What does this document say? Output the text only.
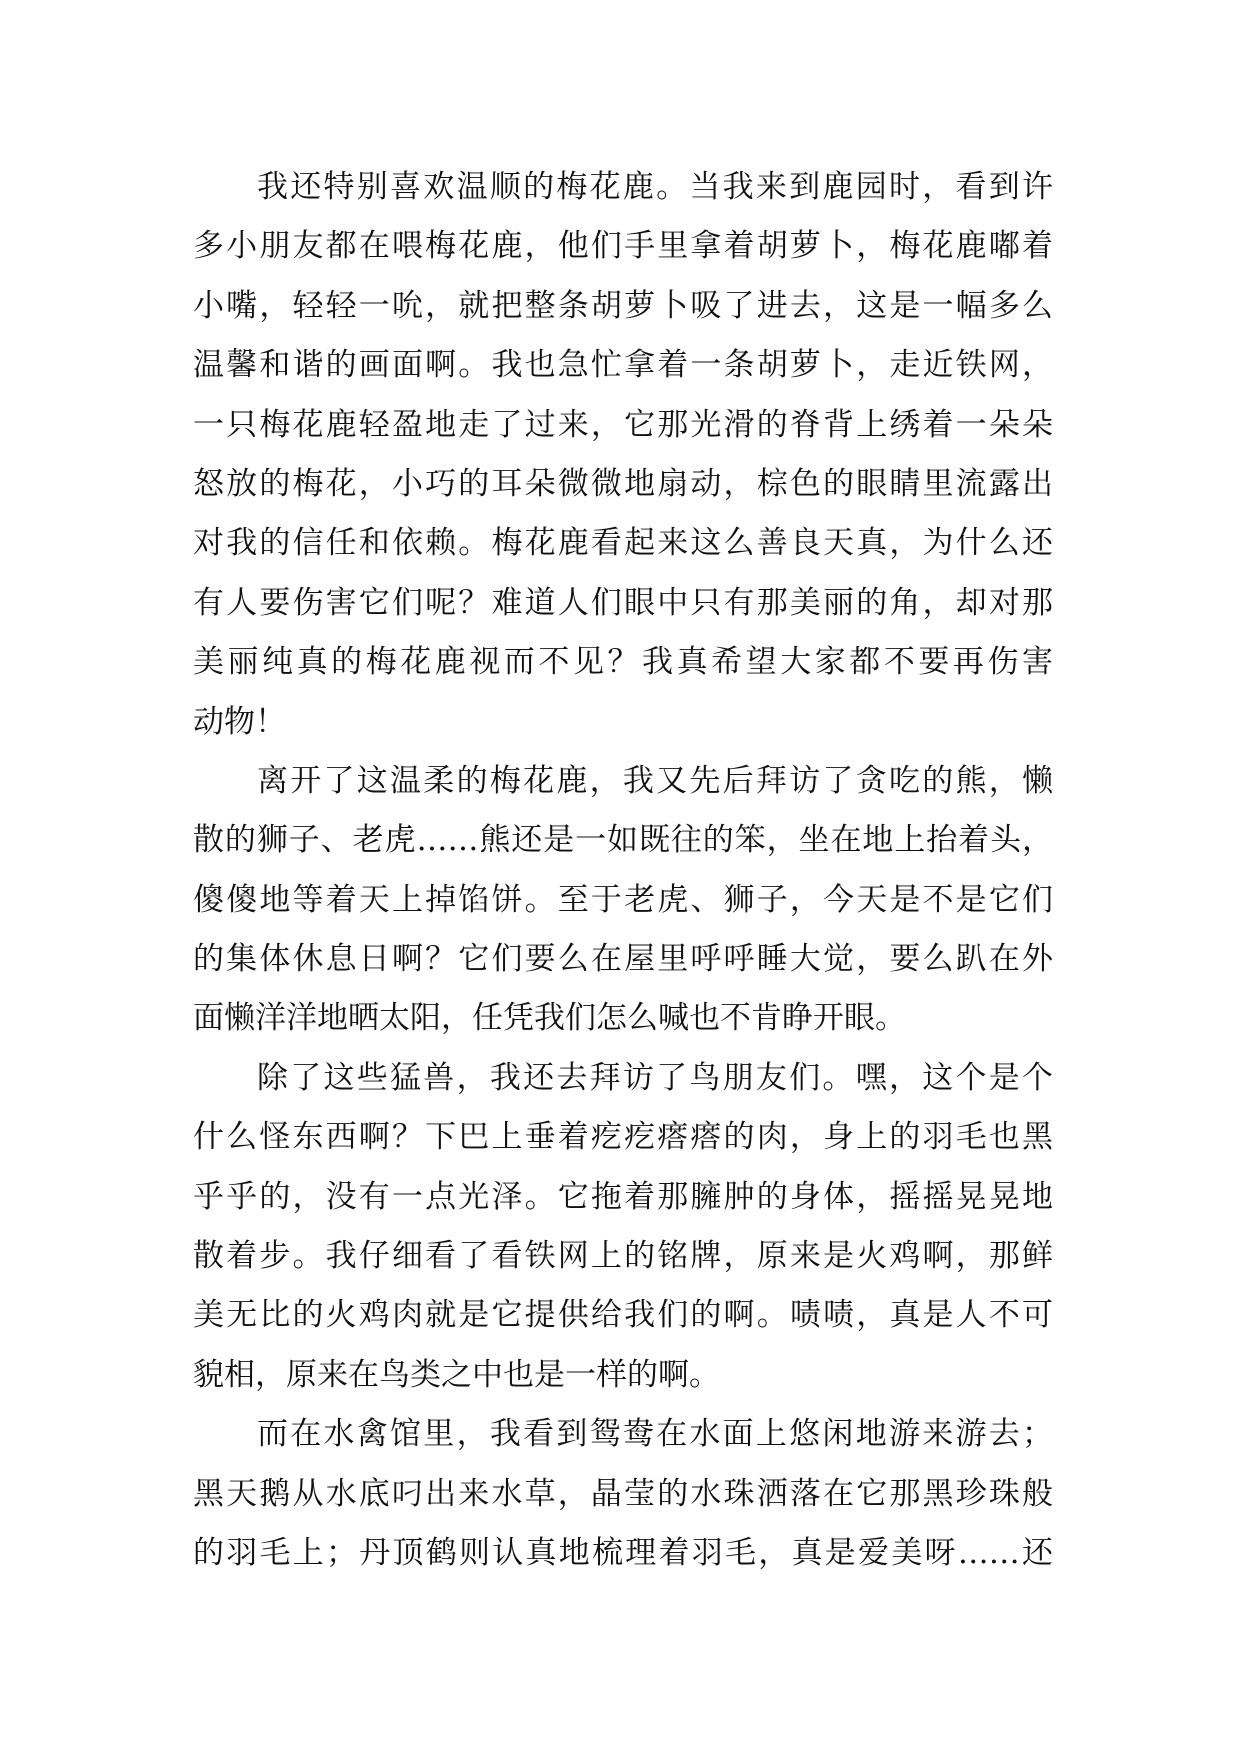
我还特别喜欢温顺的梅花鹿。当我来到鹿园时，看到许
多小朋友都在喂梅花鹿，他们手里拿着胡萝卜，梅花鹿嘟着
小嘴，轻轻一吮，就把整条胡萝卜吸了进去，这是一幅多么
温馨和谐的画面啊。我也急忙拿着一条胡萝卜，走近铁网，
一只梅花鹿轻盈地走了过来，它那光滑的脊背上绣着一朵朵
怒放的梅花，小巧的耳朵微微地扇动，棕色的眼睛里流露出
对我的信任和依赖。梅花鹿看起来这么善良天真，为什么还
有人要伤害它们呢？难道人们眼中只有那美丽的角，却对那
美丽纯真的梅花鹿视而不见？我真希望大家都不要再伤害
动物！
离开了这温柔的梅花鹿，我又先后拜访了贪吃的熊，懒
散的狮子、老虎……熊还是一如既往的笨，坐在地上抬着头，
傻傻地等着天上掉馅饼。至于老虎、狮子，今天是不是它们
的集体休息日啊？它们要么在屋里呼呼睡大觉，要么趴在外
面懒洋洋地晒太阳，任凭我们怎么喊也不肯睁开眼。
除了这些猛兽，我还去拜访了鸟朋友们。嘿，这个是个
什么怪东西啊？下巴上垂着疙疙瘩瘩的肉，身上的羽毛也黑
乎乎的，没有一点光泽。它拖着那臃肿的身体，摇摇晃晃地
散着步。我仔细看了看铁网上的铭牌，原来是火鸡啊，那鲜
美无比的火鸡肉就是它提供给我们的啊。啧啧，真是人不可
貌相，原来在鸟类之中也是一样的啊。
而在水禽馆里，我看到鸳鸯在水面上悠闲地游来游去；
黑天鹅从水底叼出来水草，晶莹的水珠洒落在它那黑珍珠般
的羽毛上；丹顶鹤则认真地梳理着羽毛，真是爱美呀……还
